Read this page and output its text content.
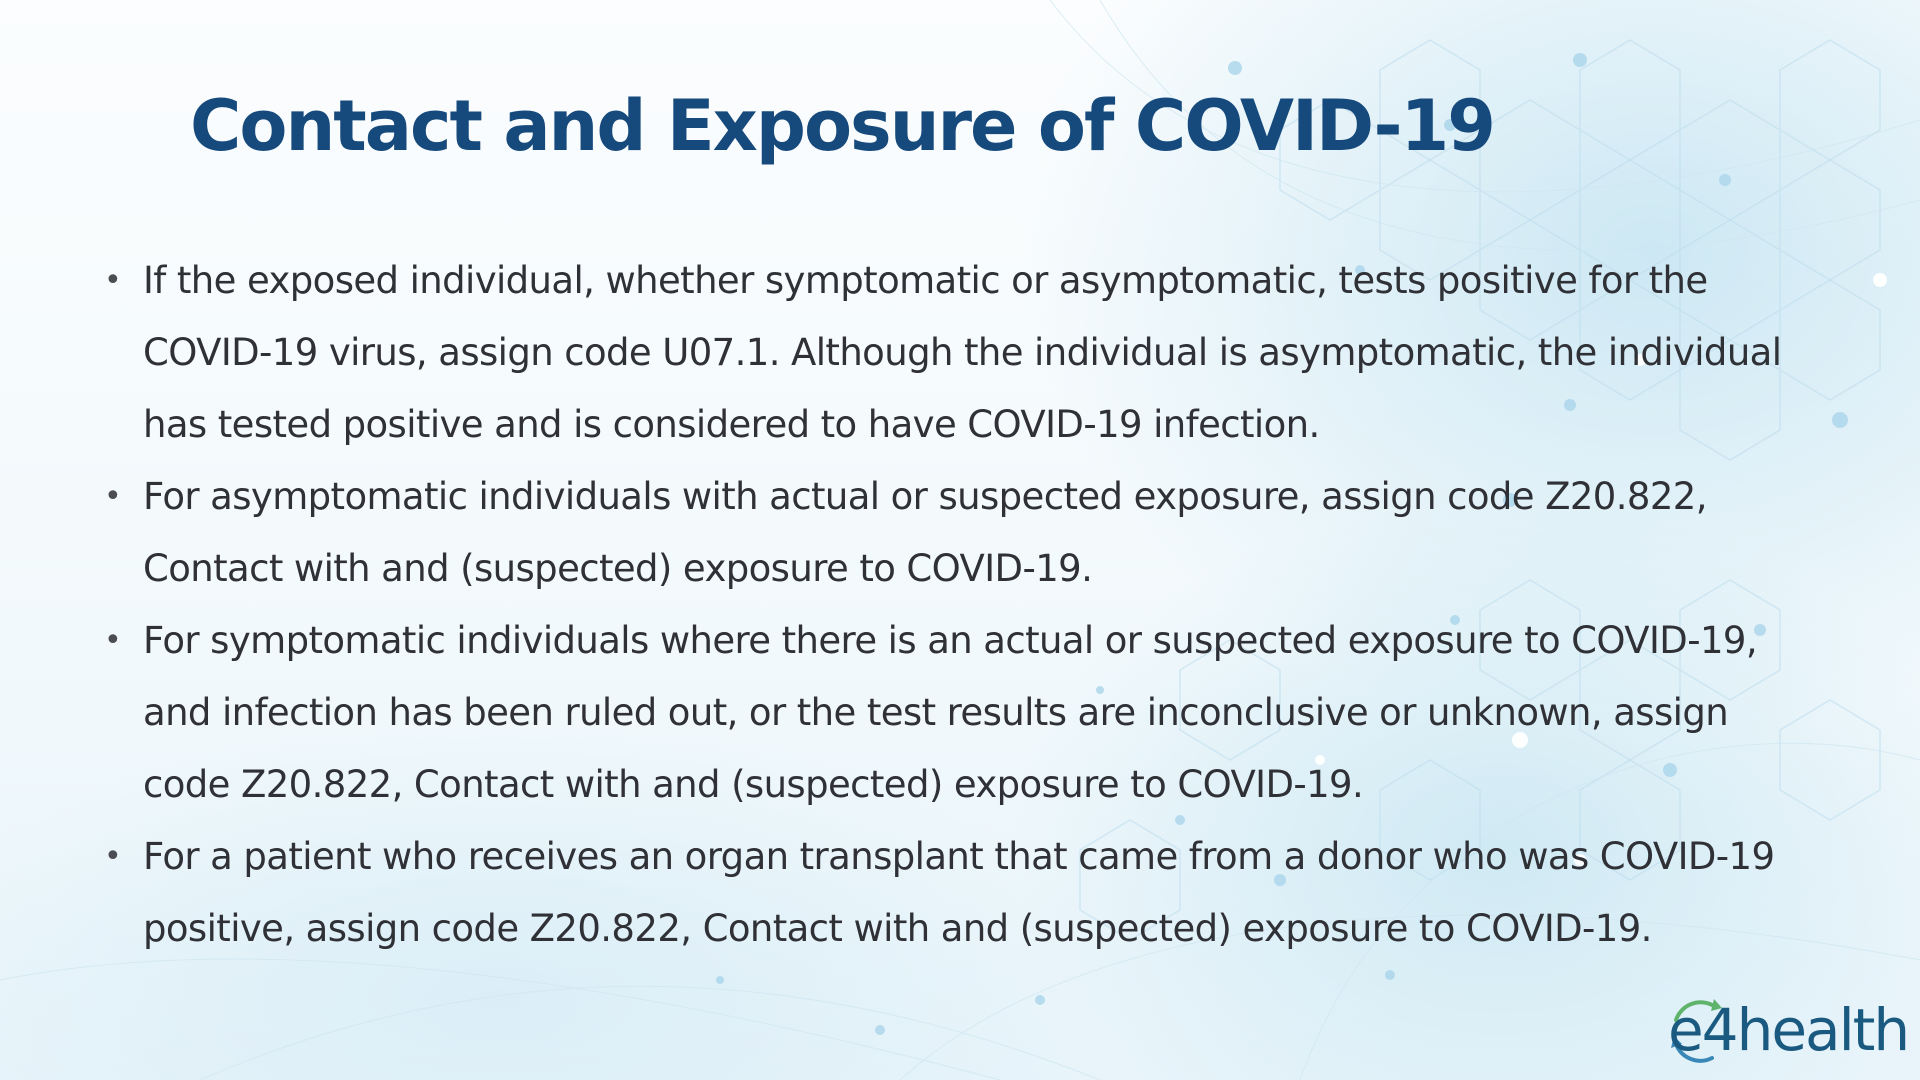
Contact and Exposure of COVID-19
• If the exposed individual, whether symptomatic or asymptomatic, tests positive for the COVID-19 virus, assign code U07.1. Although the individual is asymptomatic, the individual has tested positive and is considered to have COVID-19 infection.
• For asymptomatic individuals with actual or suspected exposure, assign code Z20.822, Contact with and (suspected) exposure to COVID-19.
• For symptomatic individuals where there is an actual or suspected exposure to COVID-19, and infection has been ruled out, or the test results are inconclusive or unknown, assign code Z20.822, Contact with and (suspected) exposure to COVID-19.
• For a patient who receives an organ transplant that came from a donor who was COVID-19 positive, assign code Z20.822, Contact with and (suspected) exposure to COVID-19.
e4health
